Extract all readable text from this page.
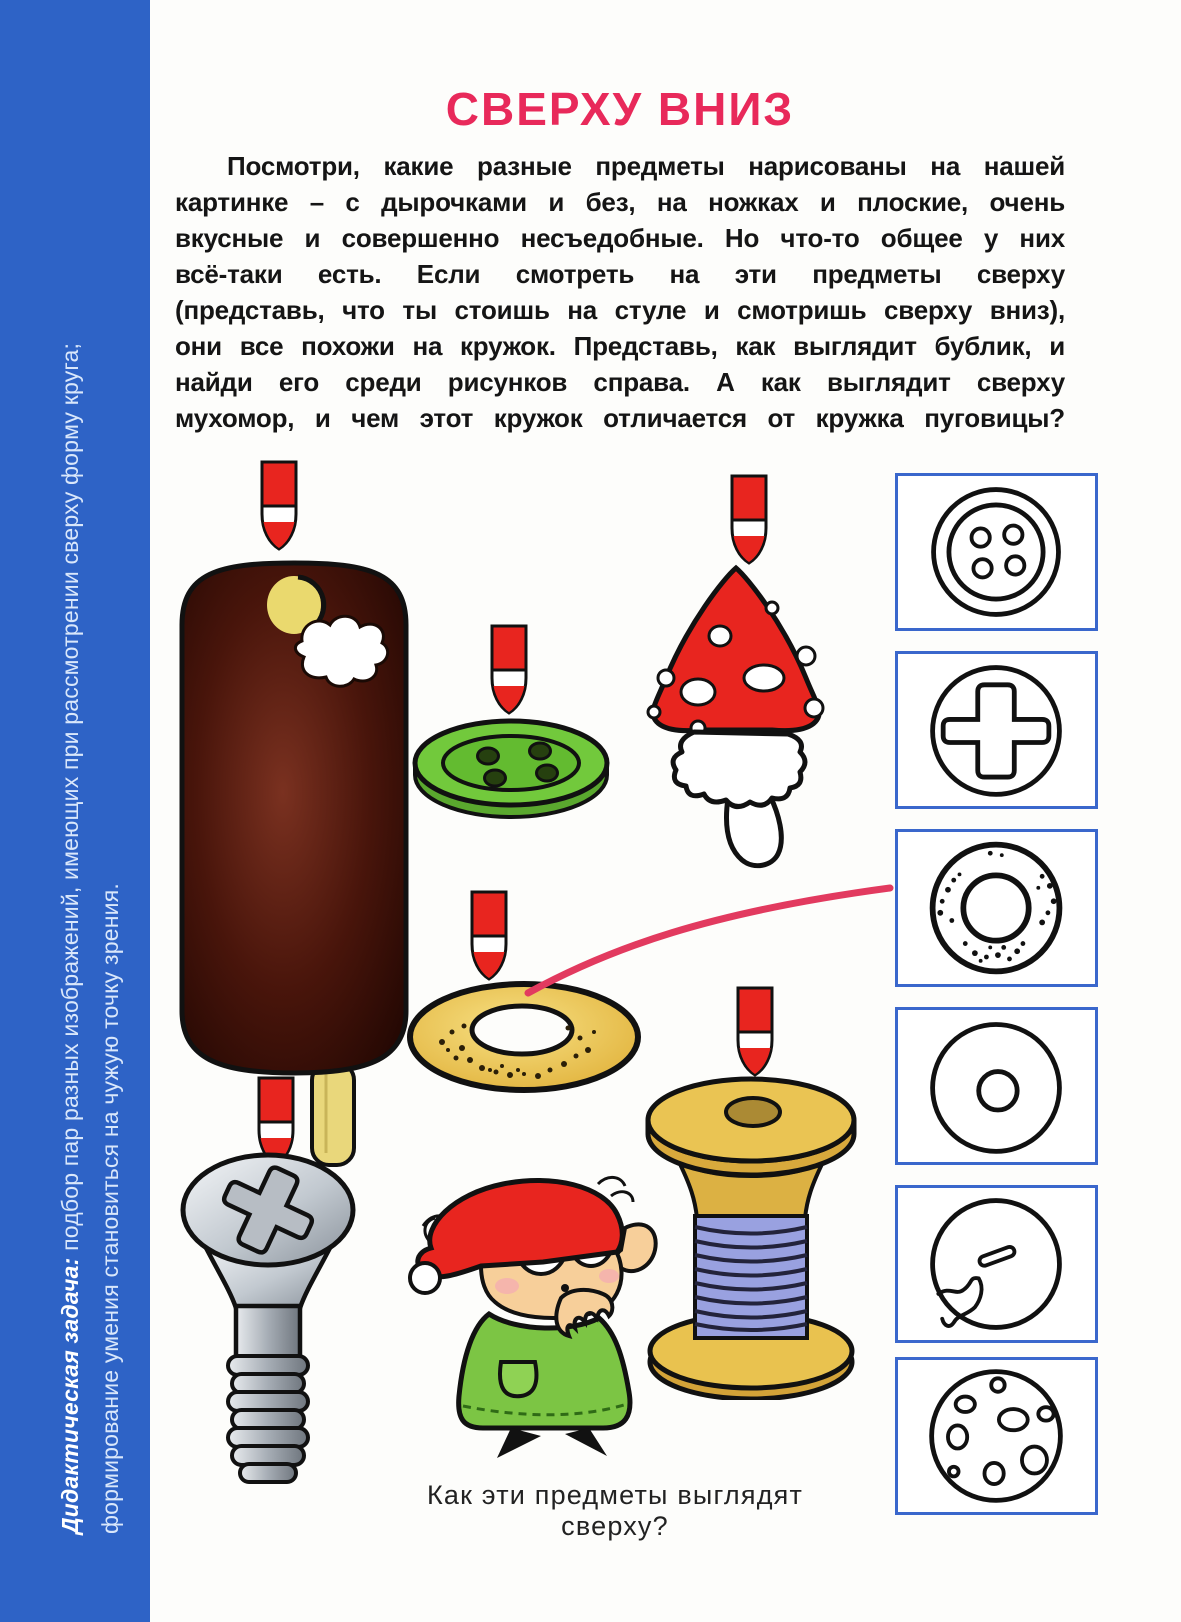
Дидактическая задача: подбор пар разных изображений, имеющих при рассмотрении сверху форму круга; формирование умения становиться на чужую точку зрения.
СВЕРХУ ВНИЗ
Посмотри, какие разные предметы нарисованы на нашей
картинке – с дырочками и без, на ножках и плоские, очень
вкусные и совершенно несъедобные. Но что-то общее у них
всё-таки есть. Если смотреть на эти предметы сверху
(представь, что ты стоишь на стуле и смотришь сверху вниз),
они все похожи на кружок. Представь, как выглядит бублик, и
найди его среди рисунков справа. А как выглядит сверху
мухомор, и чем этот кружок отличается от кружка пуговицы?
Как эти предметы выглядят сверху?
